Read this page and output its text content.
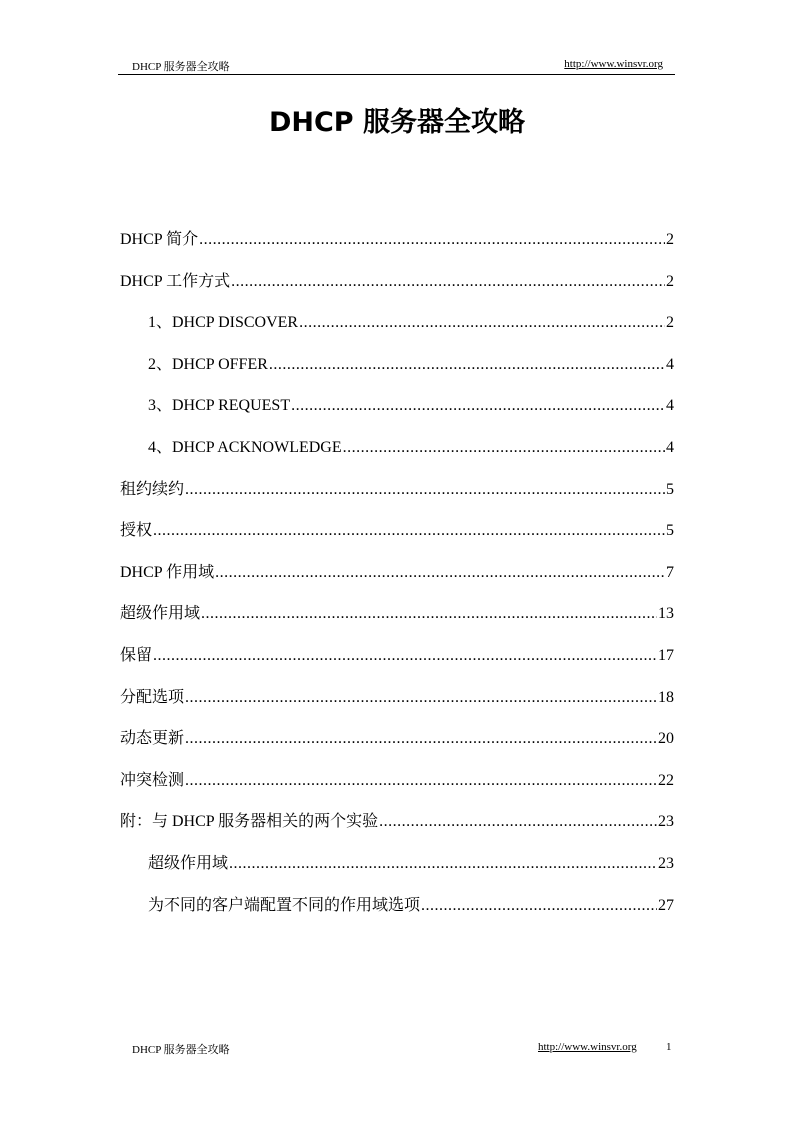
DHCP 服务器全攻略	http://www.winsvr.org
DHCP 服务器全攻略
DHCP 简介 .....	2
DHCP 工作方式 .....	2
1、DHCP DISCOVER .....	2
2、DHCP OFFER .....	4
3、DHCP REQUEST .....	4
4、DHCP ACKNOWLEDGE .....	4
租约续约 .....	5
授权 .....	5
DHCP 作用域 .....	7
超级作用域 .....	13
保留 .....	17
分配选项 .....	18
动态更新 .....	20
冲突检测 .....	22
附：与 DHCP 服务器相关的两个实验 .....	23
超级作用域 .....	23
为不同的客户端配置不同的作用域选项 .....	27
DHCP 服务器全攻略	http://www.winsvr.org	1
